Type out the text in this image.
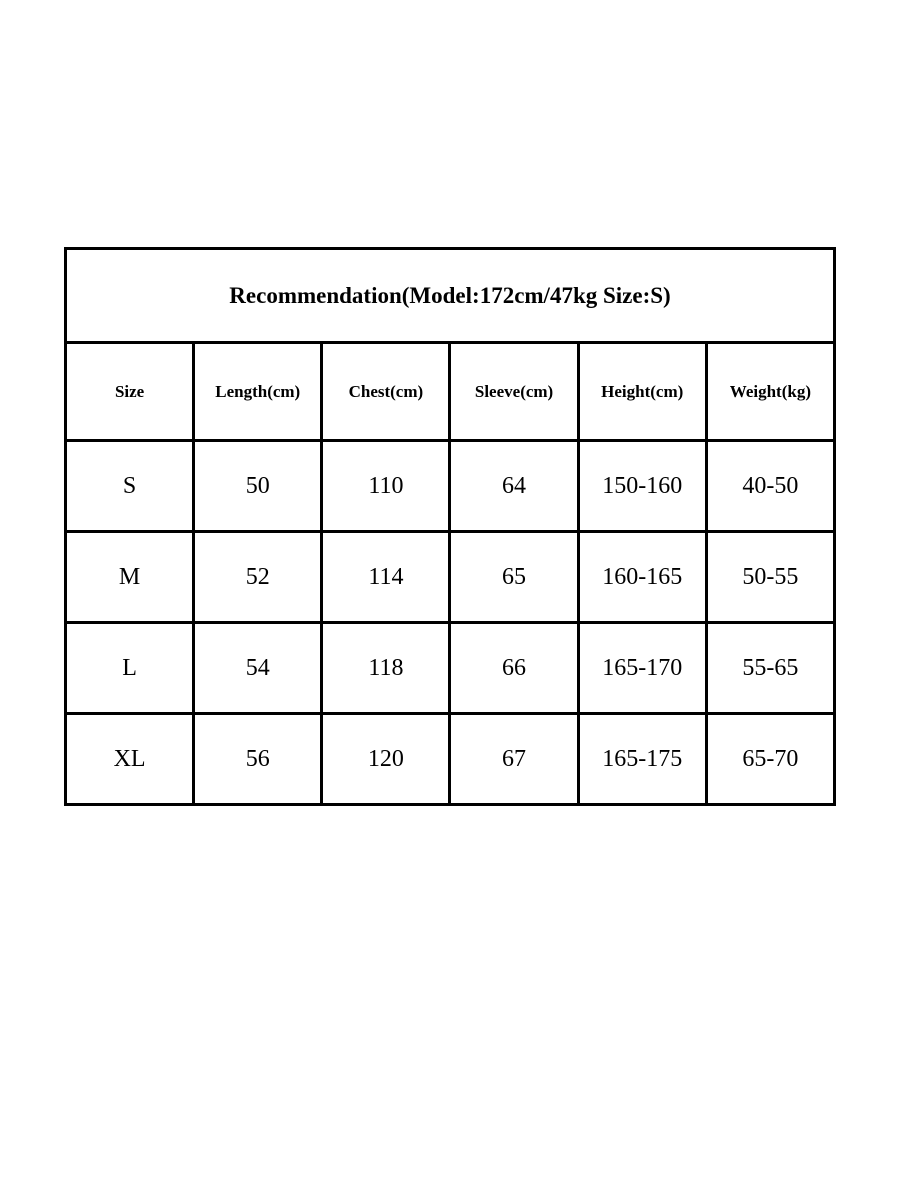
Recommendation(Model:172cm/47kg Size:S)					
Size	Length(cm)	Chest(cm)	Sleeve(cm)	Height(cm)	Weight(kg)
S	50	110	64	150-160	40-50
M	52	114	65	160-165	50-55
L	54	118	66	165-170	55-65
XL	56	120	67	165-175	65-70
